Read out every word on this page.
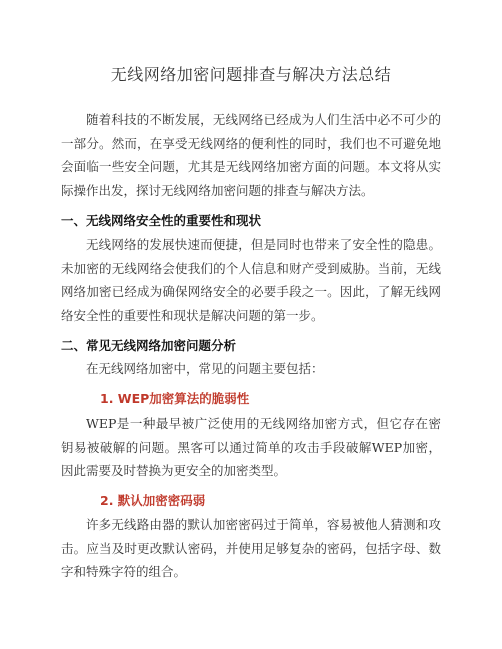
无线网络加密问题排查与解决方法总结
随着科技的不断发展，无线网络已经成为人们生活中必不可少的一部分。然而，在享受无线网络的便利性的同时，我们也不可避免地会面临一些安全问题，尤其是无线网络加密方面的问题。本文将从实际操作出发，探讨无线网络加密问题的排查与解决方法。
一、无线网络安全性的重要性和现状
无线网络的发展快速而便捷，但是同时也带来了安全性的隐患。未加密的无线网络会使我们的个人信息和财产受到威胁。当前，无线网络加密已经成为确保网络安全的必要手段之一。因此，了解无线网络安全性的重要性和现状是解决问题的第一步。
二、常见无线网络加密问题分析
在无线网络加密中，常见的问题主要包括：
1. WEP加密算法的脆弱性
WEP是一种最早被广泛使用的无线网络加密方式，但它存在密钥易被破解的问题。黑客可以通过简单的攻击手段破解WEP加密，因此需要及时替换为更安全的加密类型。
2. 默认加密密码弱
许多无线路由器的默认加密密码过于简单，容易被他人猜测和攻击。应当及时更改默认密码，并使用足够复杂的密码，包括字母、数字和特殊字符的组合。
